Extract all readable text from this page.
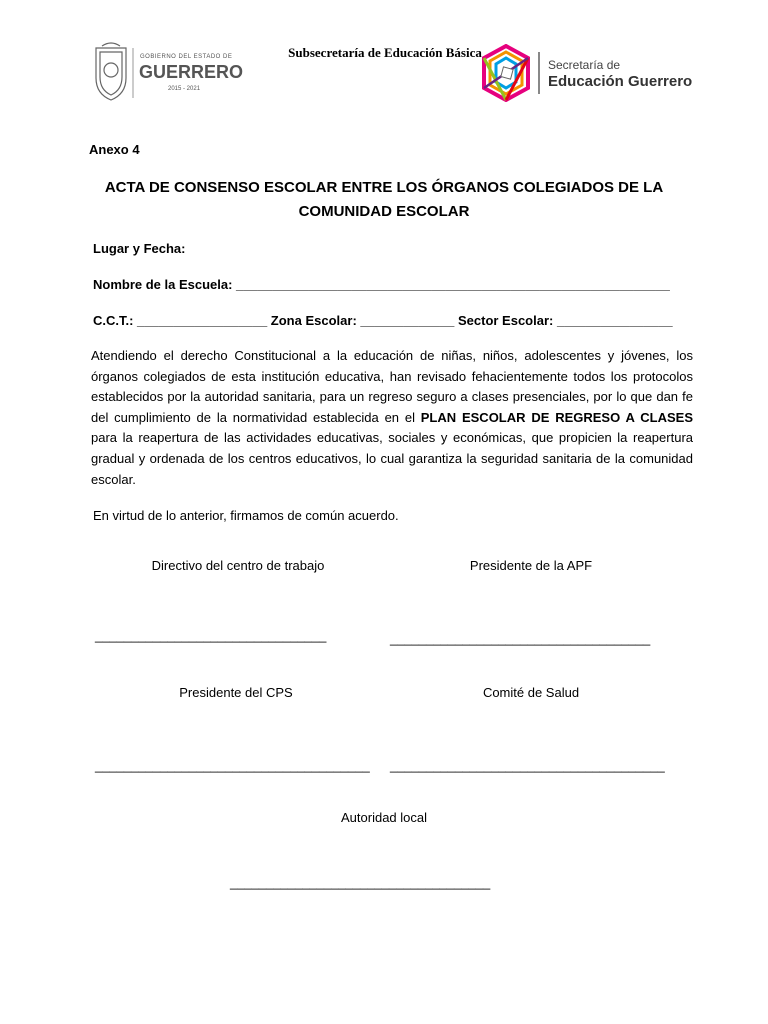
GOBIERNO DEL ESTADO DE
GUERRERO
2015 - 2021
Subsecretaría de Educación Básica
Secretaría de
Educación Guerrero
Anexo 4
ACTA DE CONSENSO ESCOLAR ENTRE LOS ÓRGANOS COLEGIADOS DE LA COMUNIDAD ESCOLAR
Lugar y Fecha:
Nombre de la Escuela: ____________________________________________________________
C.C.T.: __________________ Zona Escolar: _____________ Sector Escolar: ________________
Atendiendo el derecho Constitucional a la educación de niñas, niños, adolescentes y jóvenes, los órganos colegiados de esta institución educativa, han revisado fehacientemente todos los protocolos establecidos por la autoridad sanitaria, para un regreso seguro a clases presenciales, por lo que dan fe del cumplimiento de la normatividad establecida en el PLAN ESCOLAR DE REGRESO A CLASES para la reapertura de las actividades educativas, sociales y económicas, que propicien la reapertura gradual y ordenada de los centros educativos, lo cual garantiza la seguridad sanitaria de la comunidad escolar.
En virtud de lo anterior, firmamos de común acuerdo.
Directivo del centro de trabajo	Presidente de la APF
________________________________	____________________________________
Presidente del CPS	Comité de Salud
______________________________________ ______________________________________
Autoridad local
____________________________________
